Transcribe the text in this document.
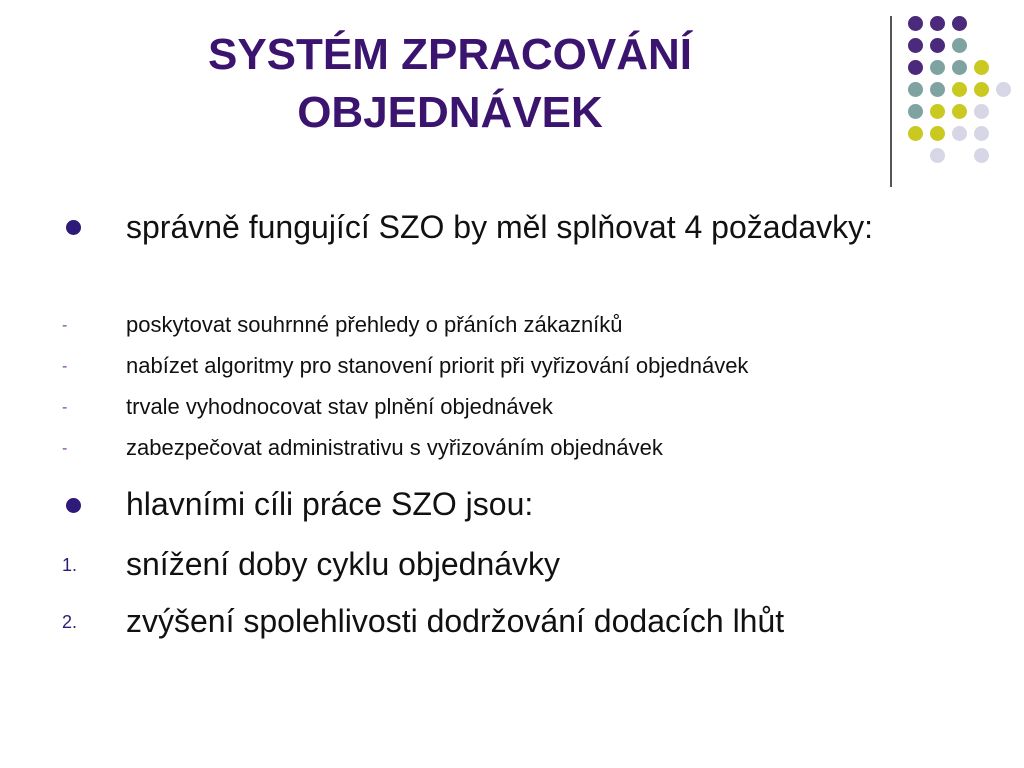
SYSTÉM ZPRACOVÁNÍ
OBJEDNÁVEK
správně fungující SZO by měl splňovat 4 požadavky:
-	poskytovat souhrnné přehledy o přáních zákazníků
-	nabízet algoritmy pro stanovení priorit při vyřizování objednávek
-	trvale vyhodnocovat stav plnění objednávek
-	zabezpečovat administrativu s vyřizováním objednávek
hlavními cíli práce SZO jsou:
1. snížení doby cyklu objednávky
2. zvýšení spolehlivosti dodržování dodacích lhůt
